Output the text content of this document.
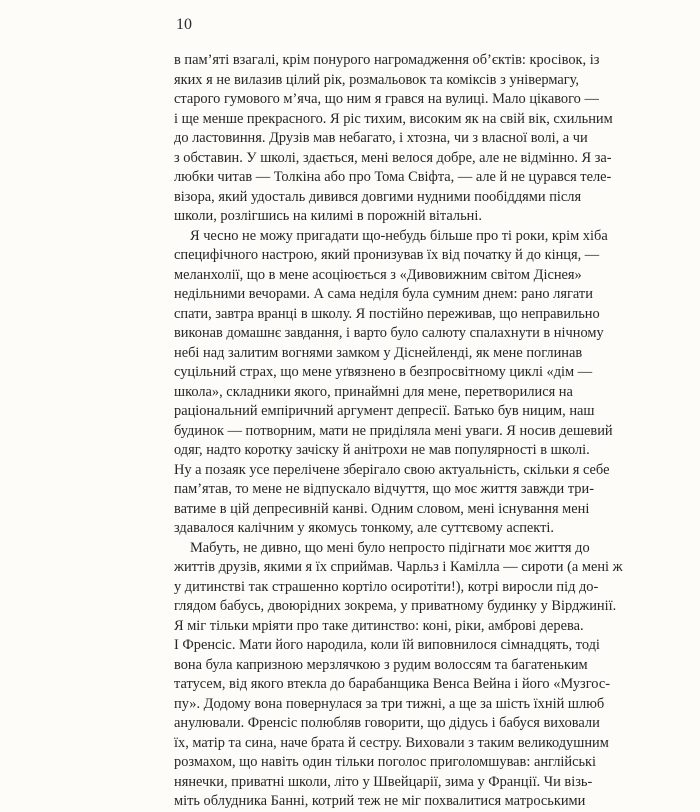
10
в пам’яті взагалі, крім понурого нагромадження об’єктів: кросівок, із
яких я не вилазив цілий рік, розмальовок та коміксів з універмагу,
старого гумового м’яча, що ним я грався на вулиці. Мало цікавого —
і ще менше прекрасного. Я ріс тихим, високим як на свій вік, схильним
до ластовиння. Друзів мав небагато, і хтозна, чи з власної волі, а чи
з обставин. У школі, здається, мені велося добре, але не відмінно. Я за-
любки читав — Толкіна або про Тома Свіфта, — але й не цурався теле-
візора, який удосталь дивився довгими нудними пообіддями після
школи, розлігшись на килимі в порожній вітальні.
Я чесно не можу пригадати що-небудь більше про ті роки, крім хіба
специфічного настрою, який пронизував їх від початку й до кінця, —
меланхолії, що в мене асоціюється з «Дивовижним світом Діснея»
недільними вечорами. А сама неділя була сумним днем: рано лягати
спати, завтра вранці в школу. Я постійно переживав, що неправильно
виконав домашнє завдання, і варто було салюту спалахнути в нічному
небі над залитим вогнями замком у Діснейленді, як мене поглинав
суцільний страх, що мене уґвязнено в безпросвітному циклі «дім —
школа», складники якого, принаймні для мене, перетворилися на
раціональний емпіричний аргумент депресії. Батько був ницим, наш
будинок — потворним, мати не приділяла мені уваги. Я носив дешевий
одяг, надто коротку зачіску й анітрохи не мав популярності в школі.
Ну а позаяк усе перелічене зберігало свою актуальність, скільки я себе
пам’ятав, то мене не відпускало відчуття, що моє життя завжди три-
ватиме в цій депресивній канві. Одним словом, мені існування мені
здавалося калічним у якомусь тонкому, але суттєвому аспекті.
Мабуть, не дивно, що мені було непросто підігнати моє життя до
життів друзів, якими я їх сприймав. Чарльз і Камілла — сироти (а мені ж
у дитинстві так страшенно кортіло осиротіти!), котрі виросли під до-
глядом бабусь, двоюрідних зокрема, у приватному будинку у Вірджинії.
Я міг тільки мріяти про таке дитинство: коні, ріки, амброві дерева.
І Френсіс. Мати його народила, коли їй виповнилося сімнадцять, тоді
вона була капризною мерзлячкою з рудим волоссям та багатеньким
татусем, від якого втекла до барабанщика Венса Вейна і його «Музгос-
пу». Додому вона повернулася за три тижні, а ще за шість їхній шлюб
анулювали. Френсіс полюбляв говорити, що дідусь і бабуся виховали
їх, матір та сина, наче брата й сестру. Виховали з таким великодушним
розмахом, що навіть один тільки поголос приголомшував: англійські
нянечки, приватні школи, літо у Швейцарії, зима у Франції. Чи візь-
міть облудника Банні, котрий теж не міг похвалитися матроськими
